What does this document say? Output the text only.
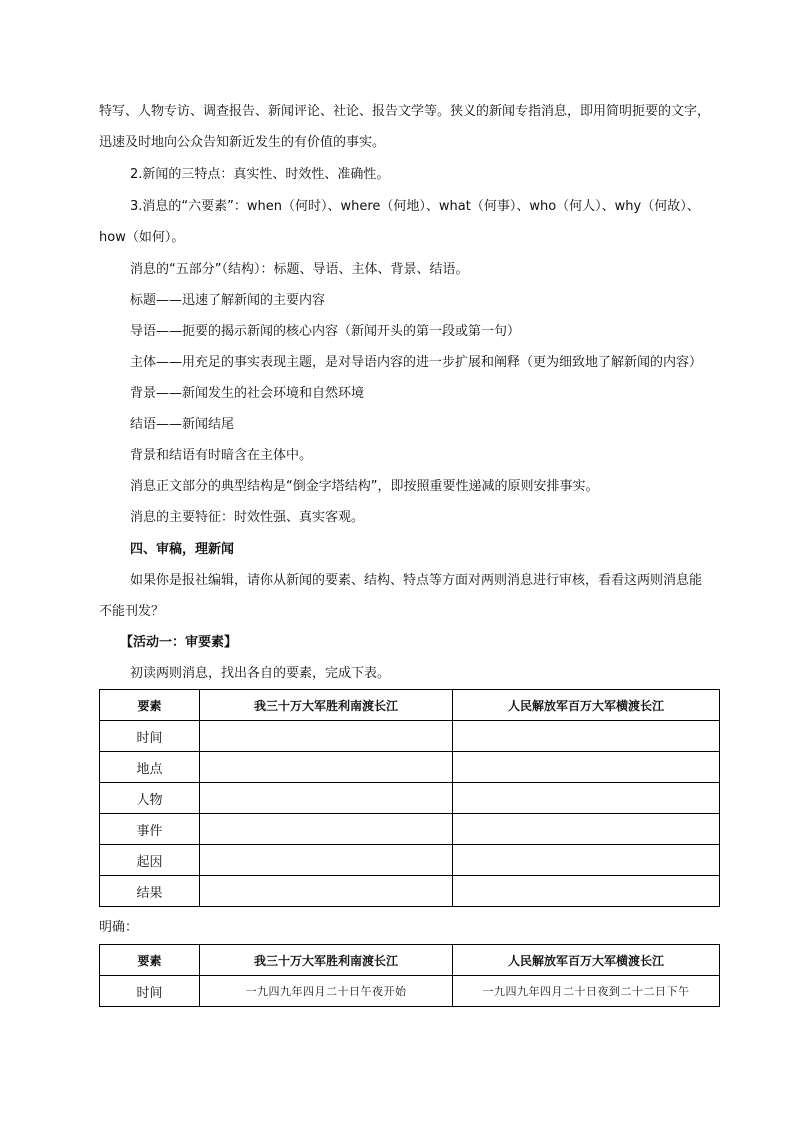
特写、人物专访、调查报告、新闻评论、社论、报告文学等。狭义的新闻专指消息，即用简明扼要的文字，
迅速及时地向公众告知新近发生的有价值的事实。
2.新闻的三特点：真实性、时效性、准确性。
3.消息的“六要素”：when（何时）、where（何地）、what（何事）、who（何人）、why（何故）、
how（如何）。
消息的“五部分”（结构）：标题、导语、主体、背景、结语。
标题——迅速了解新闻的主要内容
导语——扼要的揭示新闻的核心内容（新闻开头的第一段或第一句）
主体——用充足的事实表现主题，是对导语内容的进一步扩展和阐释（更为细致地了解新闻的内容）
背景——新闻发生的社会环境和自然环境
结语——新闻结尾
背景和结语有时暗含在主体中。
消息正文部分的典型结构是“倒金字塔结构”，即按照重要性递减的原则安排事实。
消息的主要特征：时效性强、真实客观。
四、审稿，理新闻
如果你是报社编辑，请你从新闻的要素、结构、特点等方面对两则消息进行审核，看看这两则消息能
不能刊发？
【活动一：审要素】
初读两则消息，找出各自的要素，完成下表。
要素	我三十万大军胜利南渡长江	人民解放军百万大军横渡长江
时间		
地点		
人物		
事件		
起因		
结果		
明确：
要素	我三十万大军胜利南渡长江	人民解放军百万大军横渡长江
时间	一九四九年四月二十日午夜开始	一九四九年四月二十日夜到二十二日下午
